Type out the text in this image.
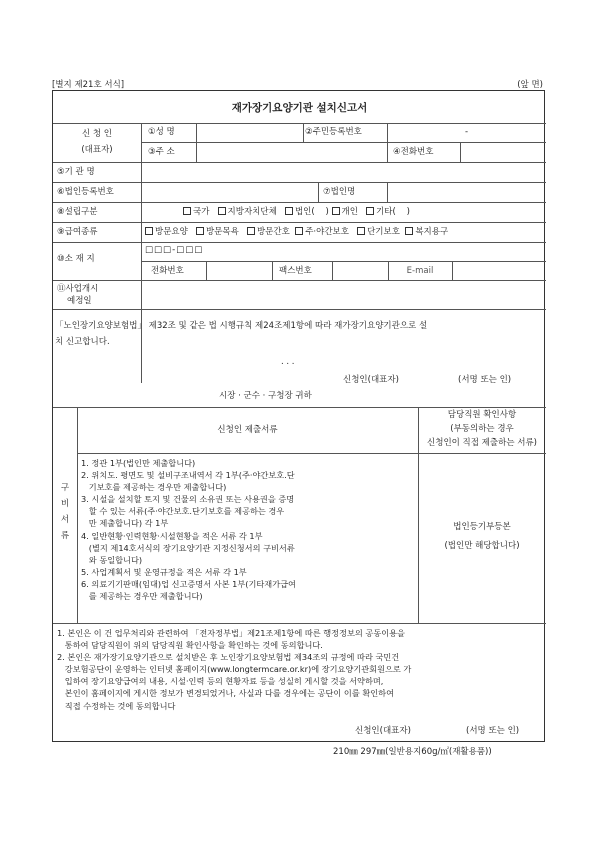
[별지 제21호 서식]	(앞 면)
재가장기요양기관 설치신고서
신 청 인
(대표자)
①성 명	②주민등록번호	-
③주 소	④전화번호
⑤기 관 명
⑥법인등록번호	⑦법인명
⑧설립구분	국가 지방자치단체 법인( ) 개인 기타( )
⑨급여종류	방문요양 방문목욕 방문간호 주·야간보호 단기보호 복지용구
⑩소 재 지
□□□-□□□
전화번호	팩스번호	E-mail
⑪사업개시
예정일
「노인장기요양보험법」 제32조 및 같은 법 시행규칙 제24조제1항에 따라 재가장기요양기관으로 설
치 신고합니다.
. . .
신청인(대표자)	(서명 또는 인)
시장 · 군수 · 구청장 귀하
구
비
서
류
신청인 제출서류
담당직원 확인사항
(부동의하는 경우
신청인이 직접 제출하는 서류)
1. 정관 1부(법인만 제출합니다)
2. 위치도. 평면도 및 설비구조내역서 각 1부(주·야간보호.단
기보호를 제공하는 경우만 제출합니다)
3. 시설을 설치할 토지 및 건물의 소유권 또는 사용권을 증명
할 수 있는 서류(주·야간보호.단기보호를 제공하는 경우
만 제출합니다) 각 1부
4. 일반현황·인력현황·시설현황을 적은 서류 각 1부
(별지 제14호서식의 장기요양기관 지정신청서의 구비서류
와 동일합니다)
5. 사업계획서 및 운영규정을 적은 서류 각 1부
6. 의료기기판매(임대)업 신고증명서 사본 1부(기타재가급여
를 제공하는 경우만 제출합니다)
법인등기부등본
(법인만 해당합니다)
1. 본인은 이 건 업무처리와 관련하여 「전자정부법」제21조제1항에 따른 행정정보의 공동이용을
통하여 담당직원이 위의 담당직원 확인사항을 확인하는 것에 동의합니다.
2. 본인은 재가장기요양기관으로 설치받은 후 노인장기요양보험법 제34조의 규정에 따라 국민건
강보험공단이 운영하는 인터넷 홈페이지(www.longtermcare.or.kr)에 장기요양기관회원으로 가
입하여 장기요양급여의 내용, 시설·인력 등의 현황자료 등을 성실히 게시할 것을 서약하며,
본인이 홈페이지에 게시한 정보가 변경되었거나, 사실과 다를 경우에는 공단이 이를 확인하여
직접 수정하는 것에 동의합니다
신청인(대표자)	(서명 또는 인)
210㎜ 297㎜(일반용지60g/㎡(재활용품))
